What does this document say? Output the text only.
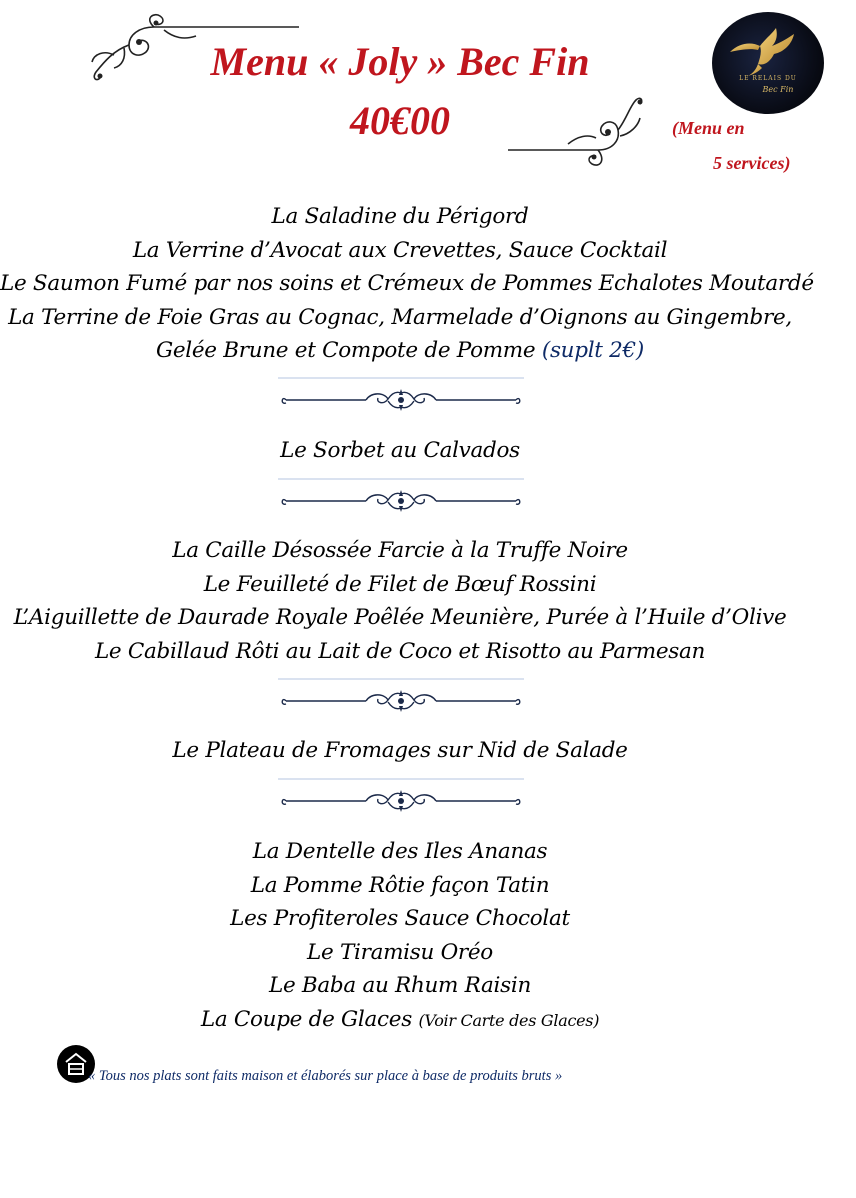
Menu « Joly » Bec Fin
40€00	(Menu en
5 services)
LE RELAIS DU
Bec Fin
La Saladine du Périgord
La Verrine d’Avocat aux Crevettes, Sauce Cocktail
Le Saumon Fumé par nos soins et Crémeux de Pommes Echalotes Moutardé
La Terrine de Foie Gras au Cognac, Marmelade d’Oignons au Gingembre,
Gelée Brune et Compote de Pomme (suplt 2€)
Le Sorbet au Calvados
La Caille Désossée Farcie à la Truffe Noire
Le Feuilleté de Filet de Bœuf Rossini
L’Aiguillette de Daurade Royale Poêlée Meunière, Purée à l’Huile d’Olive
Le Cabillaud Rôti au Lait de Coco et Risotto au Parmesan
Le Plateau de Fromages sur Nid de Salade
La Dentelle des Iles Ananas
La Pomme Rôtie façon Tatin
Les Profiteroles Sauce Chocolat
Le Tiramisu Oréo
Le Baba au Rhum Raisin
La Coupe de Glaces (Voir Carte des Glaces)
« Tous nos plats sont faits maison et élaborés sur place à base de produits bruts »
